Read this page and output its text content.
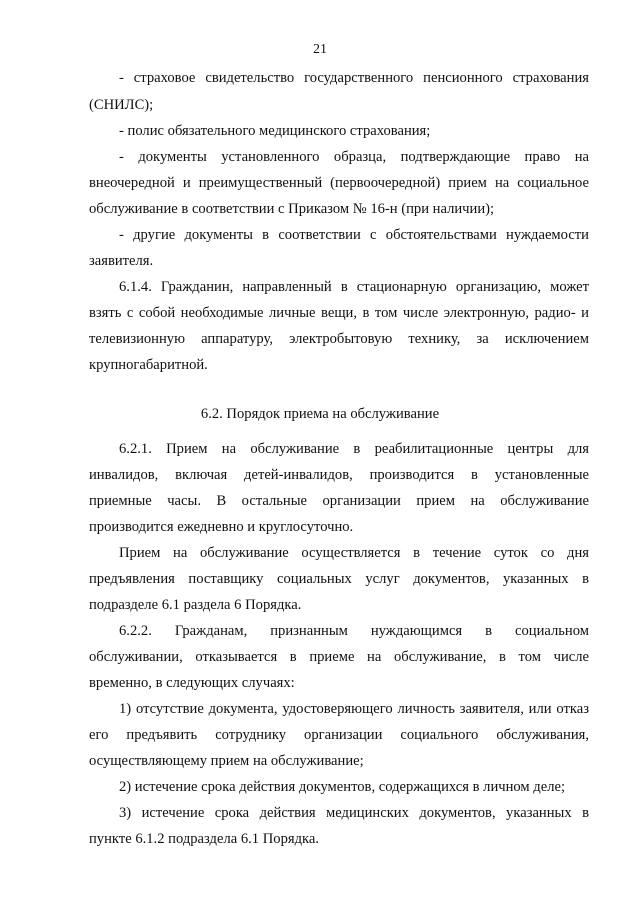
21
- страховое свидетельство государственного пенсионного страхования
(СНИЛС);
- полис обязательного медицинского страхования;
- документы установленного образца, подтверждающие право на
внеочередной и преимущественный (первоочередной) прием на социальное
обслуживание в соответствии с Приказом № 16-н (при наличии);
- другие документы в соответствии с обстоятельствами нуждаемости
заявителя.
6.1.4. Гражданин, направленный в стационарную организацию, может
взять с собой необходимые личные вещи, в том числе электронную, радио- и
телевизионную аппаратуру, электробытовую технику, за исключением
крупногабаритной.
6.2. Порядок приема на обслуживание
6.2.1. Прием на обслуживание в реабилитационные центры для
инвалидов, включая детей-инвалидов, производится в установленные
приемные часы. В остальные организации прием на обслуживание
производится ежедневно и круглосуточно.
Прием на обслуживание осуществляется в течение суток со дня
предъявления поставщику социальных услуг документов, указанных в
подразделе 6.1 раздела 6 Порядка.
6.2.2. Гражданам, признанным нуждающимся в социальном
обслуживании, отказывается в приеме на обслуживание, в том числе
временно, в следующих случаях:
1) отсутствие документа, удостоверяющего личность заявителя, или отказ
его предъявить сотруднику организации социального обслуживания,
осуществляющему прием на обслуживание;
2) истечение срока действия документов, содержащихся в личном деле;
3) истечение срока действия медицинских документов, указанных в
пункте 6.1.2 подраздела 6.1 Порядка.
